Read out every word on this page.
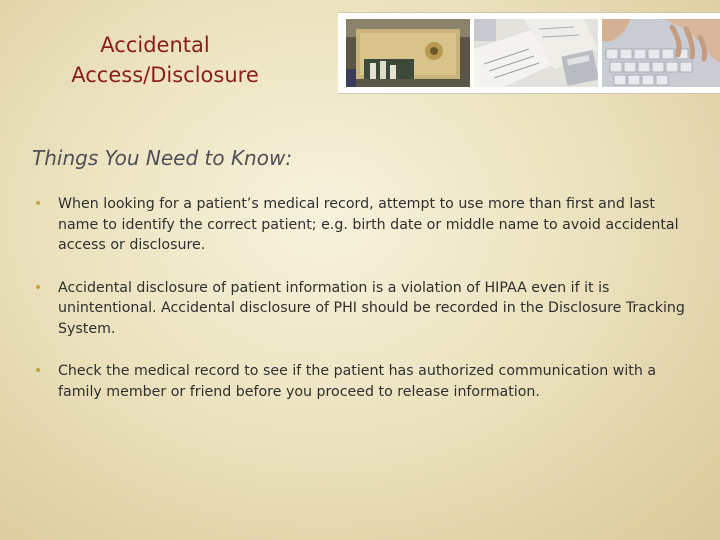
Accidental
Access/Disclosure
Things You Need to Know:
• When looking for a patient’s medical record, attempt to use more than first and last name to identify the correct patient; e.g. birth date or middle name to avoid accidental access or disclosure.
• Accidental disclosure of patient information is a violation of HIPAA even if it is unintentional. Accidental disclosure of PHI should be recorded in the Disclosure Tracking System.
• Check the medical record to see if the patient has authorized communication with a family member or friend before you proceed to release information.
